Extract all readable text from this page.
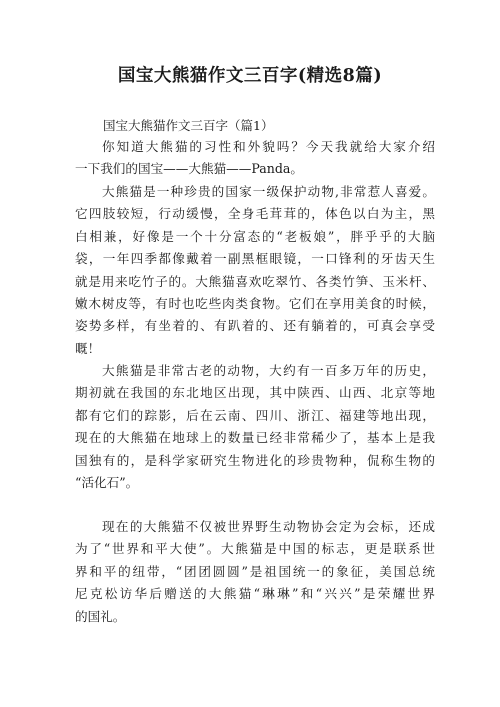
国宝大熊猫作文三百字(精选8篇)
国宝大熊猫作文三百字（篇1）
你知道大熊猫的习性和外貌吗？今天我就给大家介绍
一下我们的国宝——大熊猫——Panda。
大熊猫是一种珍贵的国家一级保护动物,非常惹人喜爱。
它四肢较短，行动缓慢，全身毛茸茸的，体色以白为主，黑
白相兼，好像是一个十分富态的“老板娘”，胖乎乎的大脑
袋，一年四季都像戴着一副黑框眼镜，一口锋利的牙齿天生
就是用来吃竹子的。大熊猫喜欢吃翠竹、各类竹笋、玉米杆、
嫩木树皮等，有时也吃些肉类食物。它们在享用美食的时候，
姿势多样，有坐着的、有趴着的、还有躺着的，可真会享受
嘅！
大熊猫是非常古老的动物，大约有一百多万年的历史，
期初就在我国的东北地区出现，其中陕西、山西、北京等地
都有它们的踪影，后在云南、四川、浙江、福建等地出现，
现在的大熊猫在地球上的数量已经非常稀少了，基本上是我
国独有的，是科学家研究生物进化的珍贵物种，侃称生物的
“活化石”。
现在的大熊猫不仅被世界野生动物协会定为会标，还成
为了“世界和平大使”。大熊猫是中国的标志，更是联系世
界和平的纽带，“团团圆圆”是祖国统一的象征，美国总统
尼克松访华后赠送的大熊猫“琳琳”和“兴兴”是荣耀世界
的国礼。
